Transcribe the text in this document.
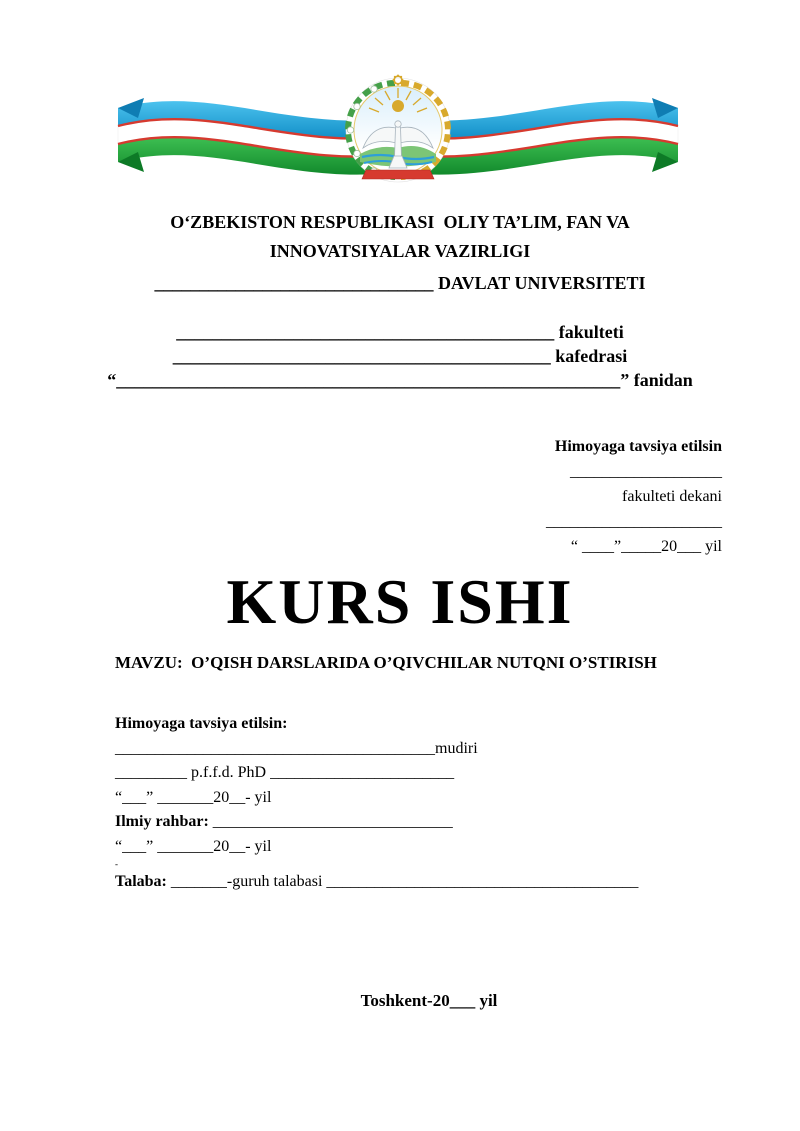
O‘ZBEKISTON RESPUBLIKASI  OLIY TA’LIM, FAN VA
INNOVATSIYALAR VAZIRLIGI
_______________________________ DAVLAT UNIVERSITETI
__________________________________________ fakulteti
__________________________________________ kafedrasi
“________________________________________________________” fanidan
Himoyaga tavsiya etilsin
___________________
fakulteti dekani
______________________
“ ____”_____20___ yil
KURS ISHI
MAVZU:  O’QISH DARSLARIDA O’QIVCHILAR NUTQNI O’STIRISH
Himoyaga tavsiya etilsin:
________________________________________mudiri
_________ p.f.f.d. PhD _______________________
“___” _______20__- yil
Ilmiy rahbar: ______________________________
“___” _______20__- yil
-
Talaba: _______-guruh talabasi _______________________________________
Toshkent-20___ yil
